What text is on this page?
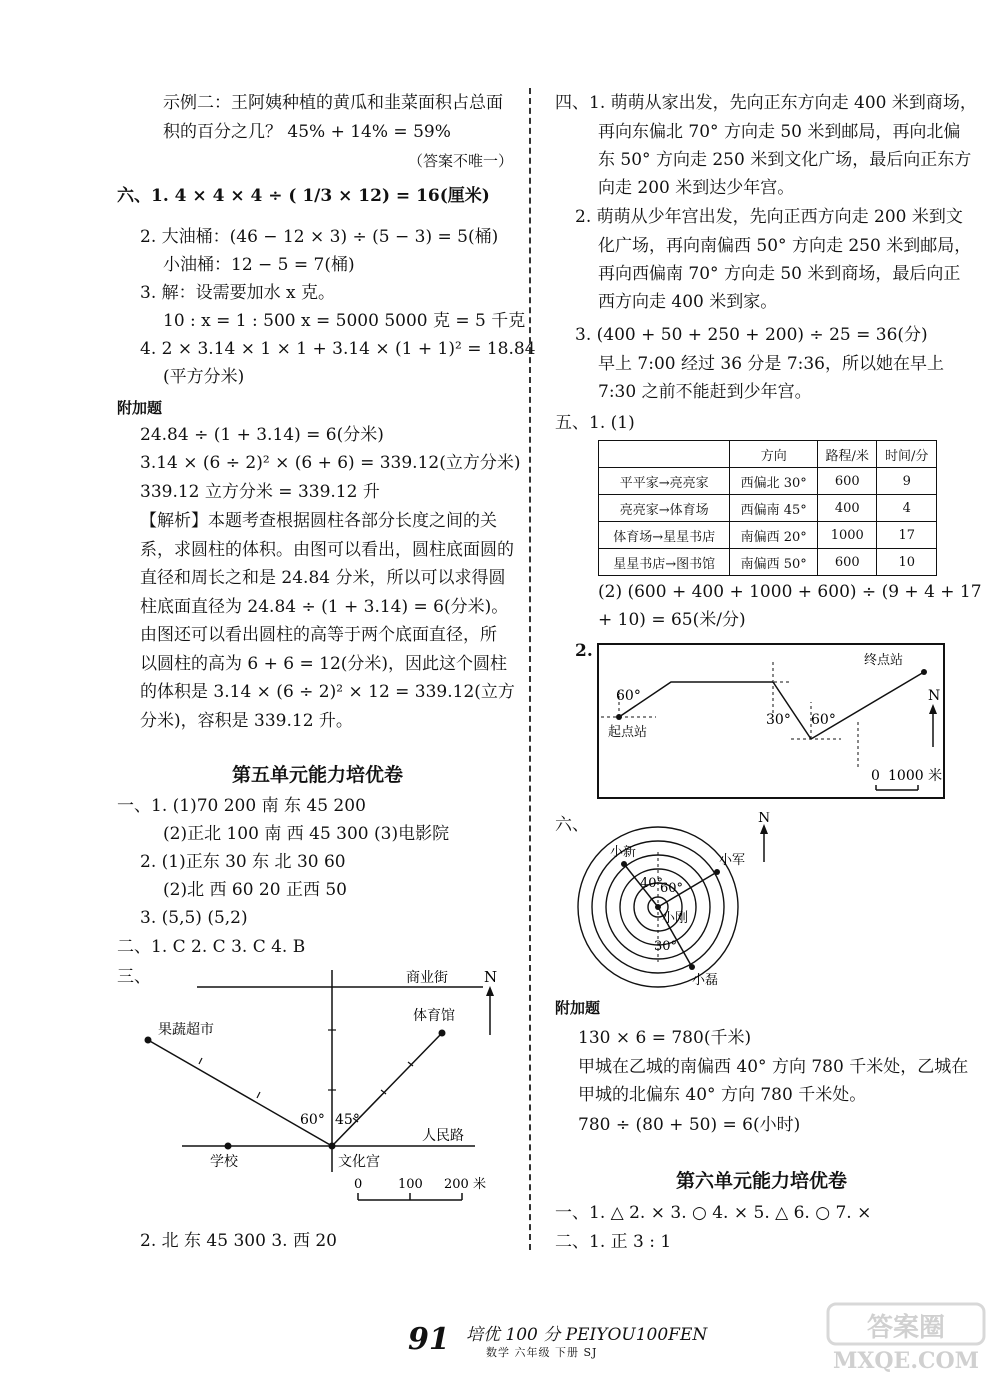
示例二：王阿姨种植的黄瓜和韭菜面积占总面
积的百分之几？ 45% + 14% = 59%
（答案不唯一）
六、1. 4 × 4 × 4 ÷ ( 1/3 × 12) = 16(厘米)
2. 大油桶：(46 − 12 × 3) ÷ (5 − 3) = 5(桶)
小油桶：12 − 5 = 7(桶)
3. 解：设需要加水 x 克。
10 : x = 1 : 500 x = 5000 5000 克 = 5 千克
4. 2 × 3.14 × 1 × 1 + 3.14 × (1 + 1)² = 18.84
(平方分米)
附加题
24.84 ÷ (1 + 3.14) = 6(分米)
3.14 × (6 ÷ 2)² × (6 + 6) = 339.12(立方分米)
339.12 立方分米 = 339.12 升
【解析】本题考查根据圆柱各部分长度之间的关
系，求圆柱的体积。由图可以看出，圆柱底面圆的
直径和周长之和是 24.84 分米，所以可以求得圆
柱底面直径为 24.84 ÷ (1 + 3.14) = 6(分米)。
由图还可以看出圆柱的高等于两个底面直径，所
以圆柱的高为 6 + 6 = 12(分米)，因此这个圆柱
的体积是 3.14 × (6 ÷ 2)² × 12 = 339.12(立方
分米)，容积是 339.12 升。
第五单元能力培优卷
一、1. (1)70 200 南 东 45 200
(2)正北 100 南 西 45 300 (3)电影院
2. (1)正东 30 东 北 30 60
(2)北 西 60 20 正西 50
3. (5,5) (5,2)
二、1. C 2. C 3. C 4. B
三、	商业街
体育馆
果蔬超市
人民路
学校	文化宫
N
60° 45°
0	100 200 米
2. 北 东 45 300 3. 西 20
四、1. 萌萌从家出发，先向正东方向走 400 米到商场，
再向东偏北 70° 方向走 50 米到邮局，再向北偏
东 50° 方向走 250 米到文化广场，最后向正东方
向走 200 米到达少年宫。
2. 萌萌从少年宫出发，先向正西方向走 200 米到文
化广场，再向南偏西 50° 方向走 250 米到邮局，
再向西偏南 70° 方向走 50 米到商场，最后向正
西方向走 400 米到家。
3. (400 + 50 + 250 + 200) ÷ 25 = 36(分)
早上 7:00 经过 36 分是 7:36，所以她在早上
7:30 之前不能赶到少年宫。
五、1. (1)
	方向	路程/米	时间/分
平平家→亮亮家	西偏北 30°	600	9
亮亮家→体育场	西偏南 45°	400	4
体育场→星星书店	南偏西 20°	1000	17
星星书店→图书馆	南偏西 50°	600	10
(2) (600 + 400 + 1000 + 600) ÷ (9 + 4 + 17
+ 10) = 65(米/分)
2.	终点站
起点站
N
60°
30° 60°
0 1000 米
六、	N
小新
小军
小刚
小磊
40°
60°
30°
附加题
130 × 6 = 780(千米)
甲城在乙城的南偏西 40° 方向 780 千米处，乙城在
甲城的北偏东 40° 方向 780 千米处。
780 ÷ (80 + 50) = 6(小时)
第六单元能力培优卷
一、1. △ 2. × 3. ○ 4. × 5. △ 6. ○ 7. ×
二、1. 正 3 : 1
91 培优 100 分 PEIYOU100FEN
数学 六年级 下册 SJ
答案圈
MXQE.COM
